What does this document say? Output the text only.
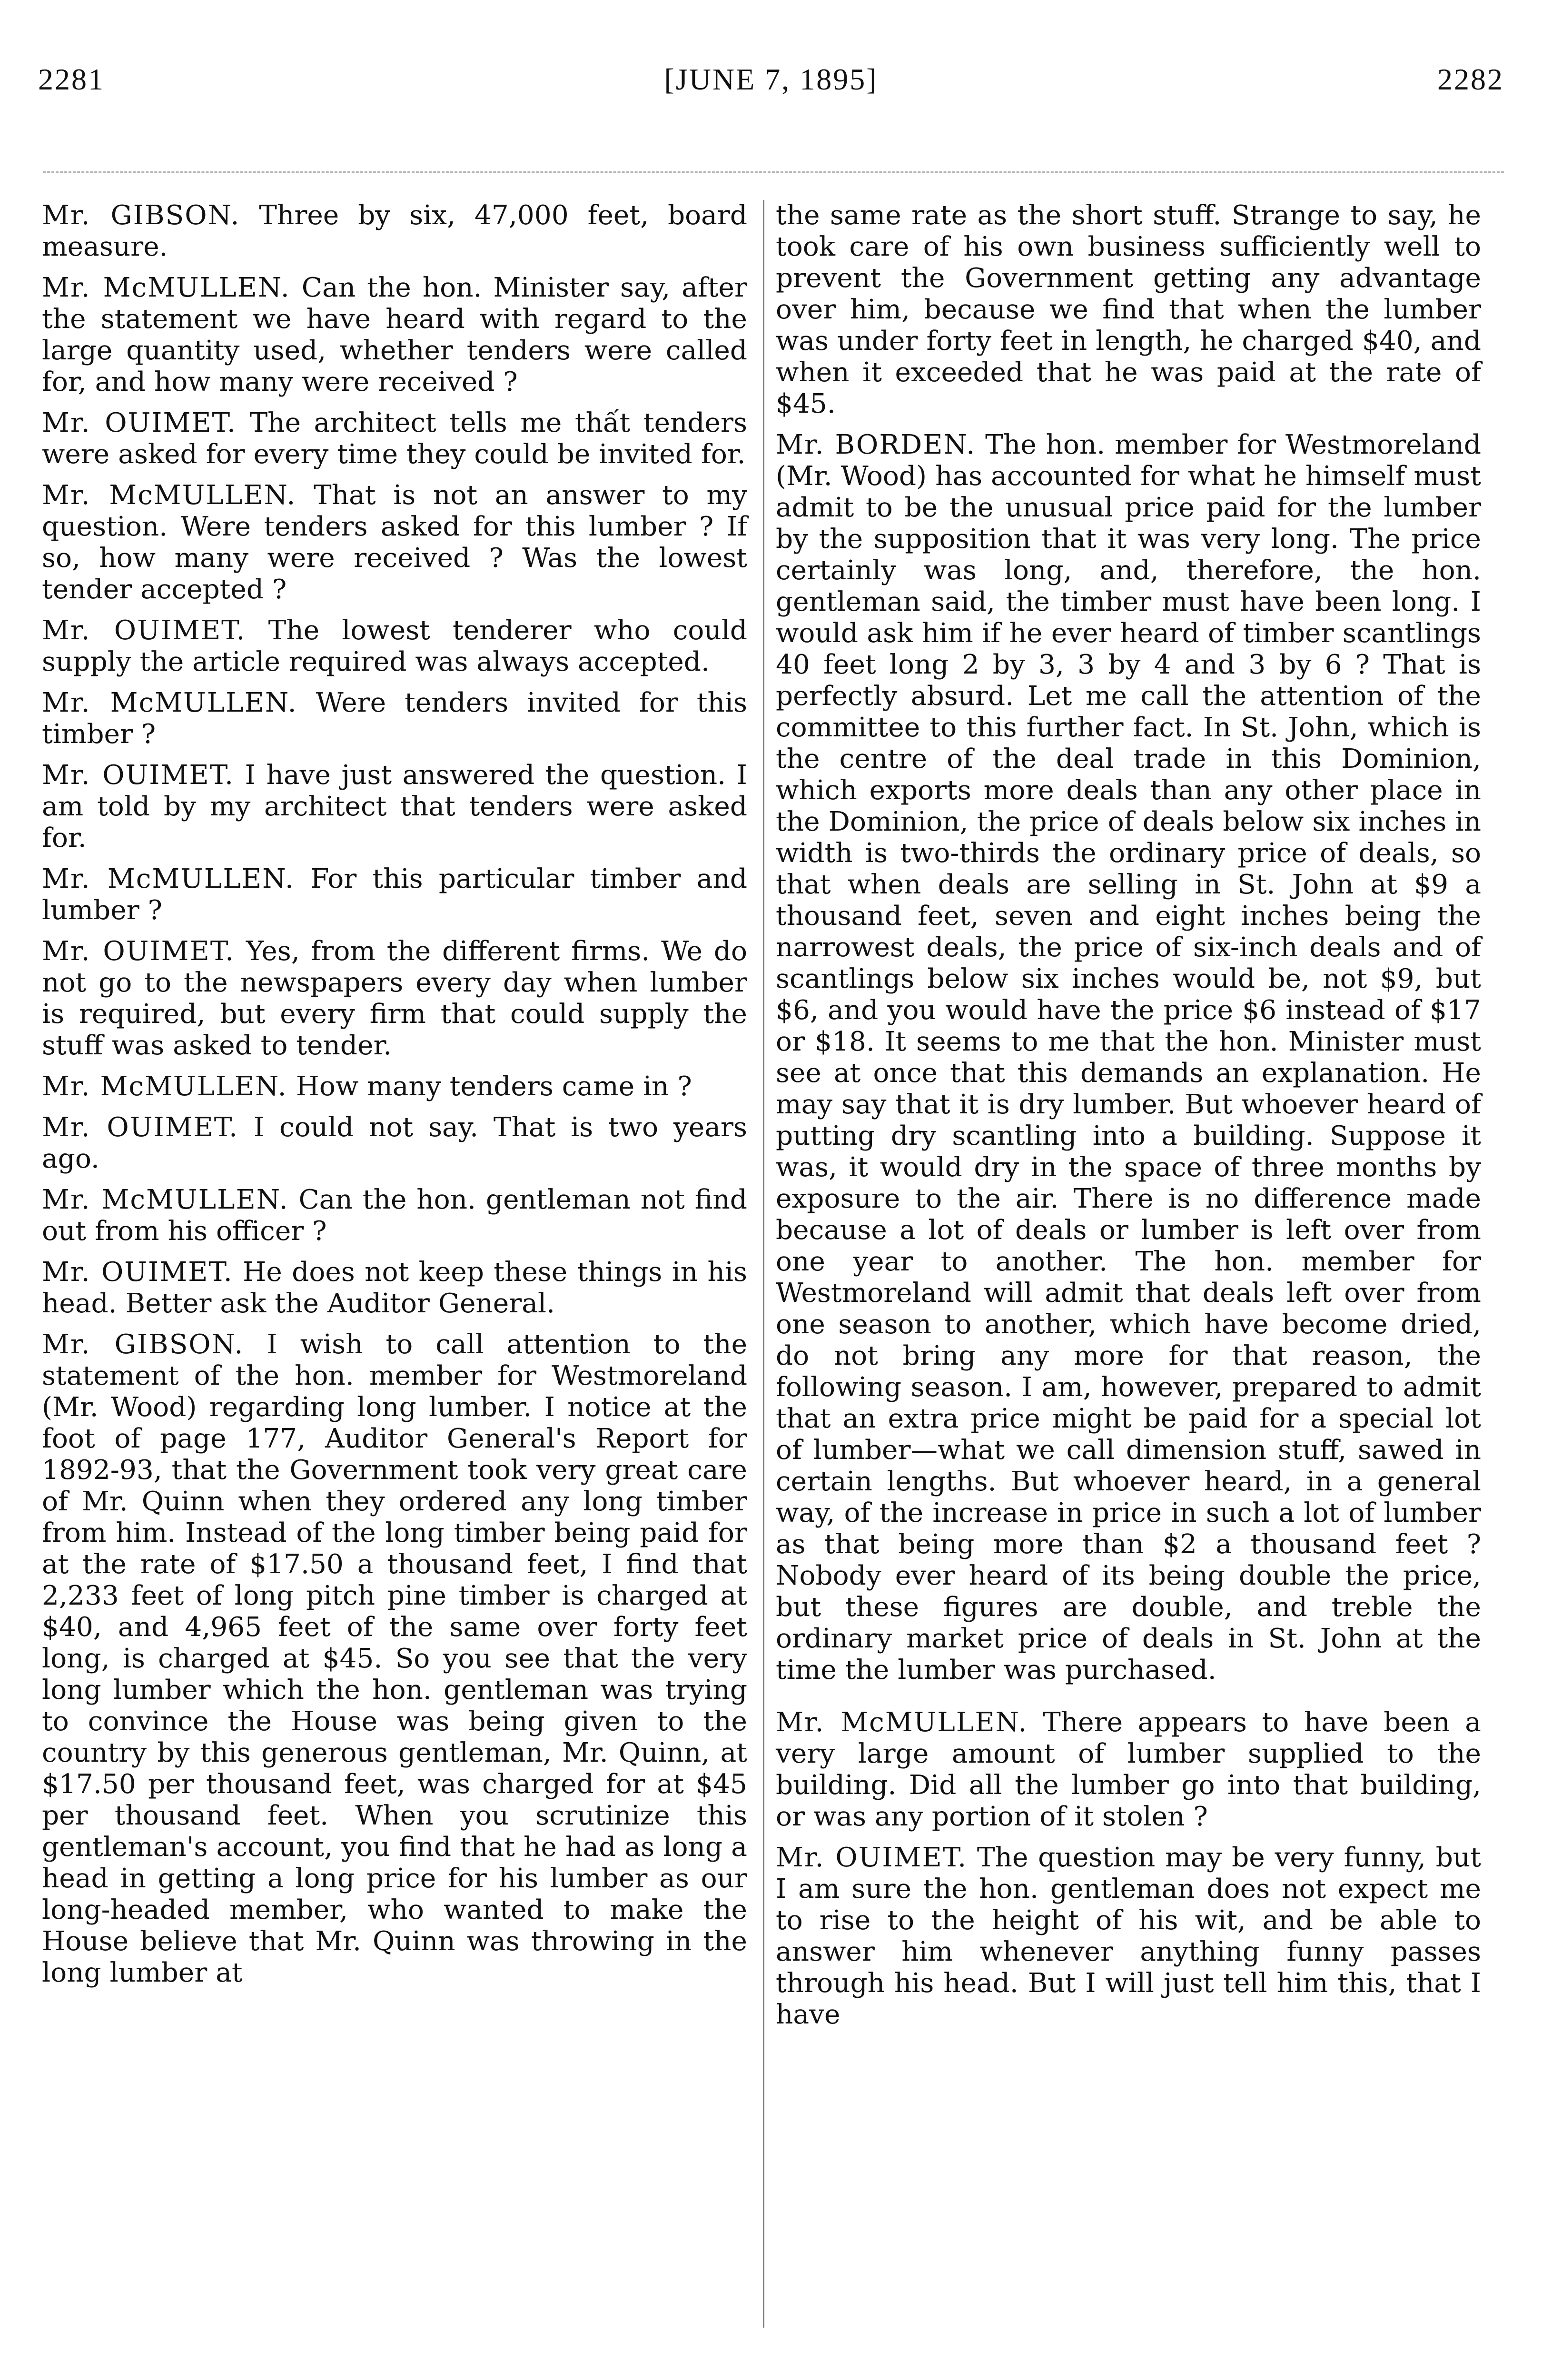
2281	[JUNE 7, 1895]	2282

Mr. GIBSON. Three by six, 47,000 feet, board measure.

Mr. McMULLEN. Can the hon. Minister say, after the statement we have heard with regard to the large quantity used, whether tenders were called for, and how many were received ?

Mr. OUIMET. The architect tells me thất tenders were asked for every time they could be invited for.

Mr. McMULLEN. That is not an answer to my question. Were tenders asked for this lumber ? If so, how many were received ? Was the lowest tender accepted ?

Mr. OUIMET. The lowest tenderer who could supply the article required was always accepted.

Mr. McMULLEN. Were tenders invited for this timber ?

Mr. OUIMET. I have just answered the question. I am told by my architect that tenders were asked for.

Mr. McMULLEN. For this particular timber and lumber ?

Mr. OUIMET. Yes, from the different firms. We do not go to the newspapers every day when lumber is required, but every firm that could supply the stuff was asked to tender.

Mr. McMULLEN. How many tenders came in ?

Mr. OUIMET. I could not say. That is two years ago.

Mr. McMULLEN. Can the hon. gentleman not find out from his officer ?

Mr. OUIMET. He does not keep these things in his head. Better ask the Auditor General.

Mr. GIBSON. I wish to call attention to the statement of the hon. member for Westmoreland (Mr. Wood) regarding long lumber. I notice at the foot of page 177, Auditor General's Report for 1892-93, that the Government took very great care of Mr. Quinn when they ordered any long timber from him. Instead of the long timber being paid for at the rate of $17.50 a thousand feet, I find that 2,233 feet of long pitch pine timber is charged at $40, and 4,965 feet of the same over forty feet long, is charged at $45. So you see that the very long lumber which the hon. gentleman was trying to convince the House was being given to the country by this generous gentleman, Mr. Quinn, at $17.50 per thousand feet, was charged for at $45 per thousand feet. When you scrutinize this gentleman's account, you find that he had as long a head in getting a long price for his lumber as our long-headed member, who wanted to make the House believe that Mr. Quinn was throwing in the long lumber at

the same rate as the short stuff. Strange to say, he took care of his own business sufficiently well to prevent the Government getting any advantage over him, because we find that when the lumber was under forty feet in length, he charged $40, and when it exceeded that he was paid at the rate of $45.

Mr. BORDEN. The hon. member for Westmoreland (Mr. Wood) has accounted for what he himself must admit to be the unusual price paid for the lumber by the supposition that it was very long. The price certainly was long, and, therefore, the hon. gentleman said, the timber must have been long. I would ask him if he ever heard of timber scantlings 40 feet long 2 by 3, 3 by 4 and 3 by 6 ? That is perfectly absurd. Let me call the attention of the committee to this further fact. In St. John, which is the centre of the deal trade in this Dominion, which exports more deals than any other place in the Dominion, the price of deals below six inches in width is two-thirds the ordinary price of deals, so that when deals are selling in St. John at $9 a thousand feet, seven and eight inches being the narrowest deals, the price of six-inch deals and of scantlings below six inches would be, not $9, but $6, and you would have the price $6 instead of $17 or $18. It seems to me that the hon. Minister must see at once that this demands an explanation. He may say that it is dry lumber. But whoever heard of putting dry scantling into a building. Suppose it was, it would dry in the space of three months by exposure to the air. There is no difference made because a lot of deals or lumber is left over from one year to another. The hon. member for Westmoreland will admit that deals left over from one season to another, which have become dried, do not bring any more for that reason, the following season. I am, however, prepared to admit that an extra price might be paid for a special lot of lumber—what we call dimension stuff, sawed in certain lengths. But whoever heard, in a general way, of the increase in price in such a lot of lumber as that being more than $2 a thousand feet ? Nobody ever heard of its being double the price, but these figures are double, and treble the ordinary market price of deals in St. John at the time the lumber was purchased.

Mr. McMULLEN. There appears to have been a very large amount of lumber supplied to the building. Did all the lumber go into that building, or was any portion of it stolen ?

Mr. OUIMET. The question may be very funny, but I am sure the hon. gentleman does not expect me to rise to the height of his wit, and be able to answer him whenever anything funny passes through his head. But I will just tell him this, that I have
